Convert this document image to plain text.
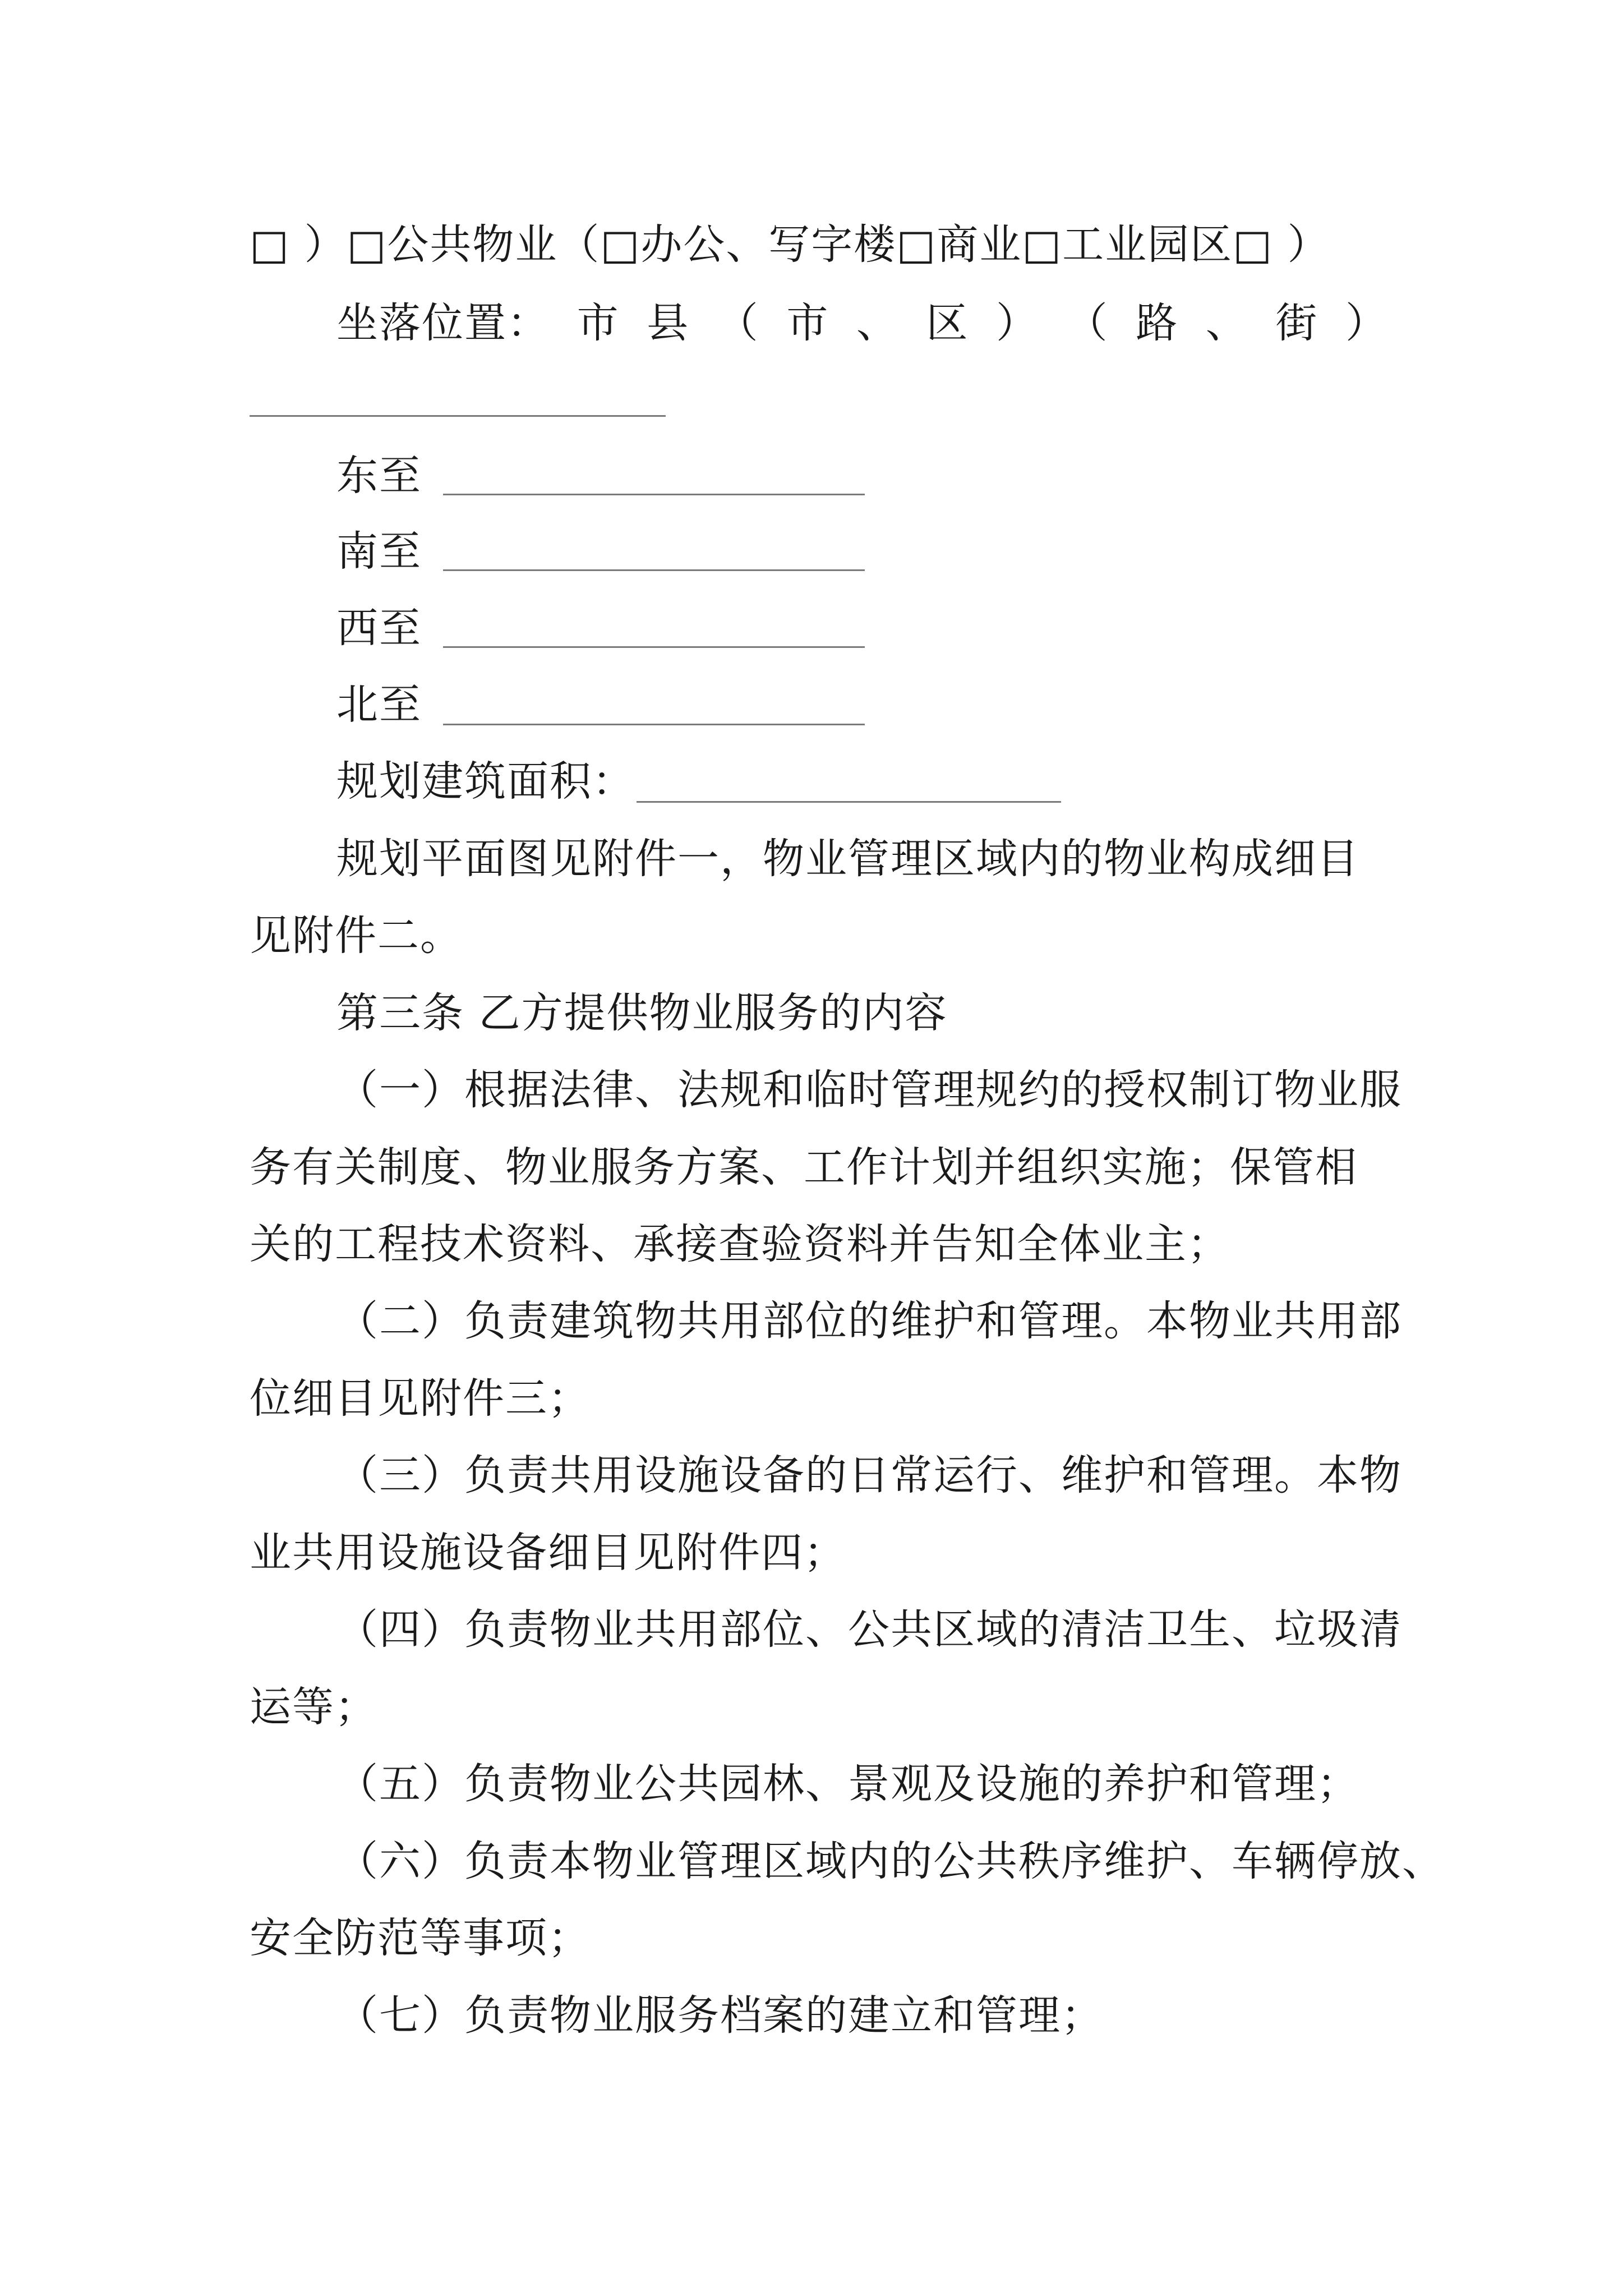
□ ）□公共物业（□办公、写字楼□商业□工业园区□ ）
坐落位置： 市 县 （ 市 、 区 ） （ 路 、 街 ）
东至
南至
西至
北至
规划建筑面积：
规划平面图见附件一，物业管理区域内的物业构成细目
见附件二。
第三条 乙方提供物业服务的内容
（一）根据法律、法规和临时管理规约的授权制订物业服
务有关制度、物业服务方案、工作计划并组织实施；保管相
关的工程技术资料、承接查验资料并告知全体业主；
（二）负责建筑物共用部位的维护和管理。本物业共用部
位细目见附件三；
（三）负责共用设施设备的日常运行、维护和管理。本物
业共用设施设备细目见附件四；
（四）负责物业共用部位、公共区域的清洁卫生、垃圾清
运等；
（五）负责物业公共园林、景观及设施的养护和管理；
（六）负责本物业管理区域内的公共秩序维护、车辆停放、
安全防范等事项；
（七）负责物业服务档案的建立和管理；
